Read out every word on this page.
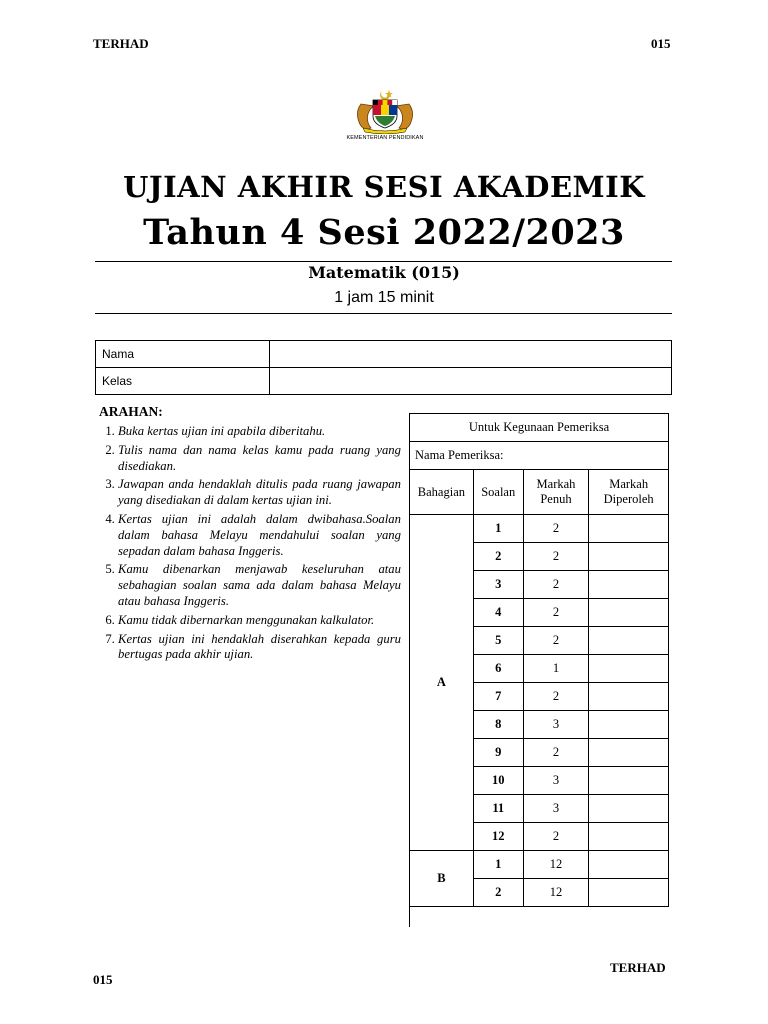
TERHAD	015
KEMENTERIAN PENDIDIKAN
UJIAN AKHIR SESI AKADEMIK
Tahun 4 Sesi 2022/2023
Matematik (015)
1 jam 15 minit
Nama	
Kelas	
ARAHAN:
1. Buka kertas ujian ini apabila diberitahu.
2. Tulis nama dan nama kelas kamu pada ruang yang disediakan.
3. Jawapan anda hendaklah ditulis pada ruang jawapan yang disediakan di dalam kertas ujian ini.
4. Kertas ujian ini adalah dalam dwibahasa.Soalan dalam bahasa Melayu mendahului soalan yang sepadan dalam bahasa Inggeris.
5. Kamu dibenarkan menjawab keseluruhan atau sebahagian soalan sama ada dalam bahasa Melayu atau bahasa Inggeris.
6. Kamu tidak dibernarkan menggunakan kalkulator.
7. Kertas ujian ini hendaklah diserahkan kepada guru bertugas pada akhir ujian.
Untuk Kegunaan Pemeriksa			
Nama Pemeriksa:			
Bahagian	Soalan	Markah Penuh	Markah Diperoleh
A	1	2	
	2	2	
	3	2	
	4	2	
	5	2	
	6	1	
	7	2	
	8	3	
	9	2	
	10	3	
	11	3	
	12	2	
B	1	12	
	2	12	

TERHAD
015
